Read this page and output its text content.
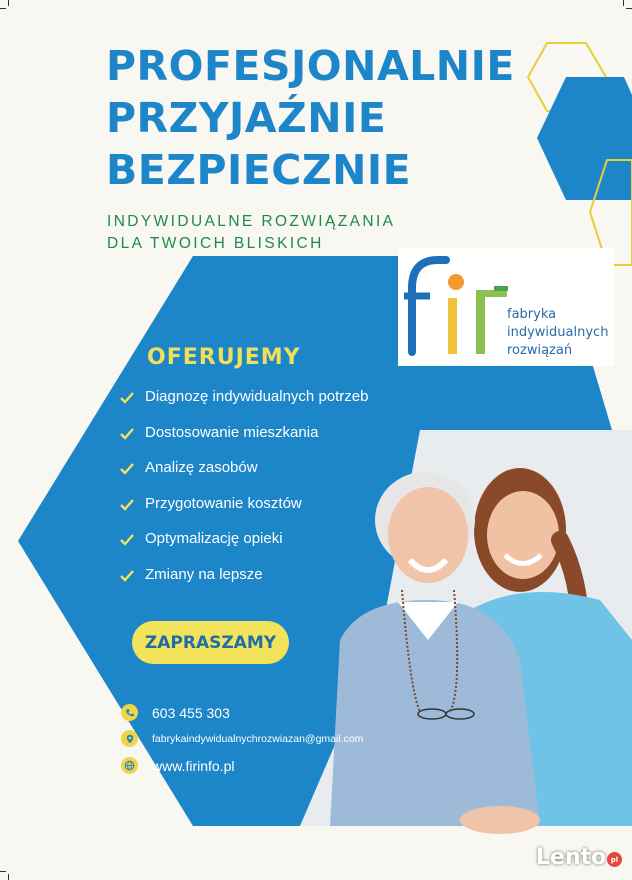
PROFESJONALNIE
PRZYJAŹNIE
BEZPIECZNIE
INDYWIDUALNE ROZWIĄZANIA
DLA TWOICH BLISKICH
fabryka
indywidualnych
rozwiązań
OFERUJEMY
Diagnozę indywidualnych potrzeb
Dostosowanie mieszkania
Analizę zasobów
Przygotowanie kosztów
Optymalizację opieki
Zmiany na lepsze
ZAPRASZAMY
603 455 303
fabrykaindywidualnychrozwiazan@gmail.com
www.firinfo.pl
Lento pl
